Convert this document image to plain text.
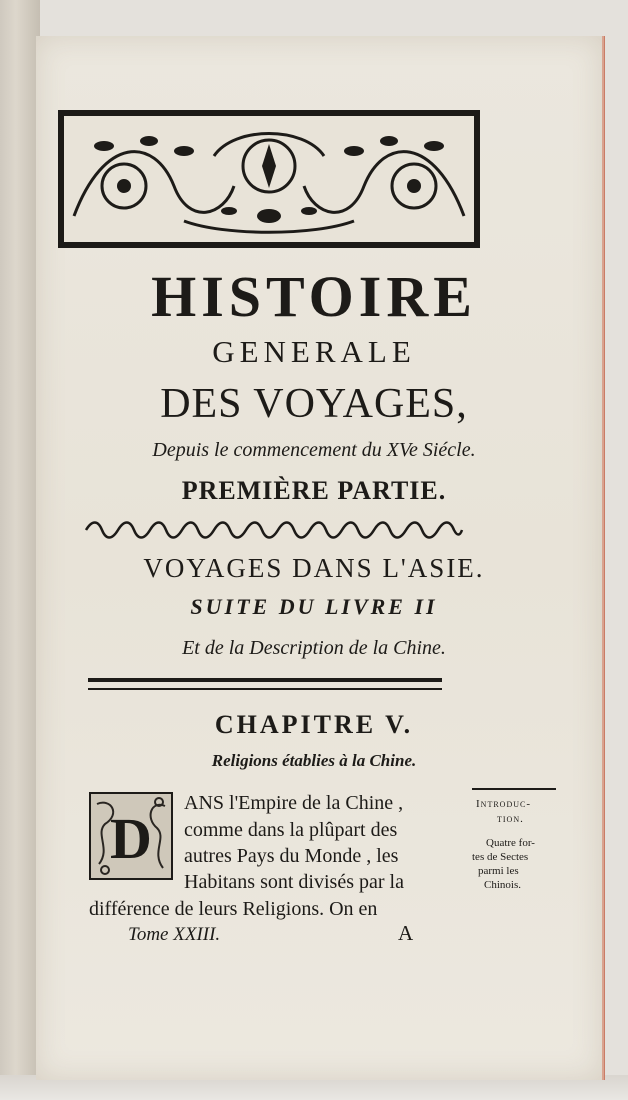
HISTOIRE
GENERALE
DES VOYAGES,
Depuis le commencement du XVe Siécle.
PREMIÈRE PARTIE.
VOYAGES DANS L'ASIE.
SUITE DU LIVRE II
Et de la Description de la Chine.
CHAPITRE V.
Religions établies à la Chine.
D
ANS l'Empire de la Chine ,
comme dans la plûpart des
autres Pays du Monde , les
Habitans sont divisés par la
différence de leurs Religions. On en
Tome XXIII.	A
Introduc-
tion.
Quatre for-
tes de Sectes
parmi les
Chinois.
